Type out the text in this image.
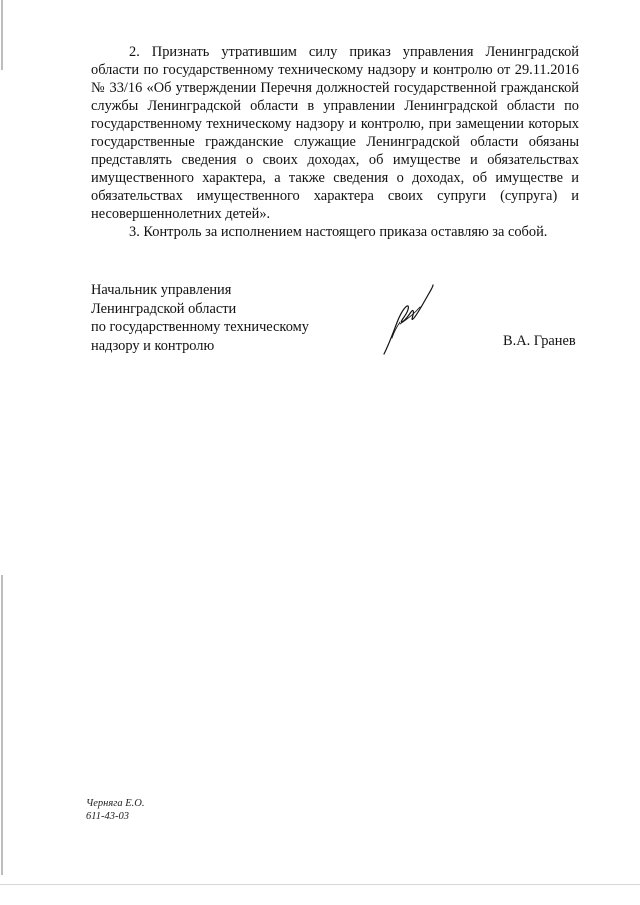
2. Признать утратившим силу приказ управления Ленинградской области по государственному техническому надзору и контролю от 29.11.2016 № 33/16 «Об утверждении Перечня должностей государственной гражданской службы Ленинградской области в управлении Ленинградской области по государственному техническому надзору и контролю, при замещении которых государственные гражданские служащие Ленинградской области обязаны представлять сведения о своих доходах, об имуществе и обязательствах имущественного характера, а также сведения о доходах, об имуществе и обязательствах имущественного характера своих супруги (супруга) и несовершеннолетних детей».

3. Контроль за исполнением настоящего приказа оставляю за собой.

Начальник управления
Ленинградской области
по государственному техническому
надзору и контролю	В.А. Гранев
Черняга Е.О.
611-43-03
